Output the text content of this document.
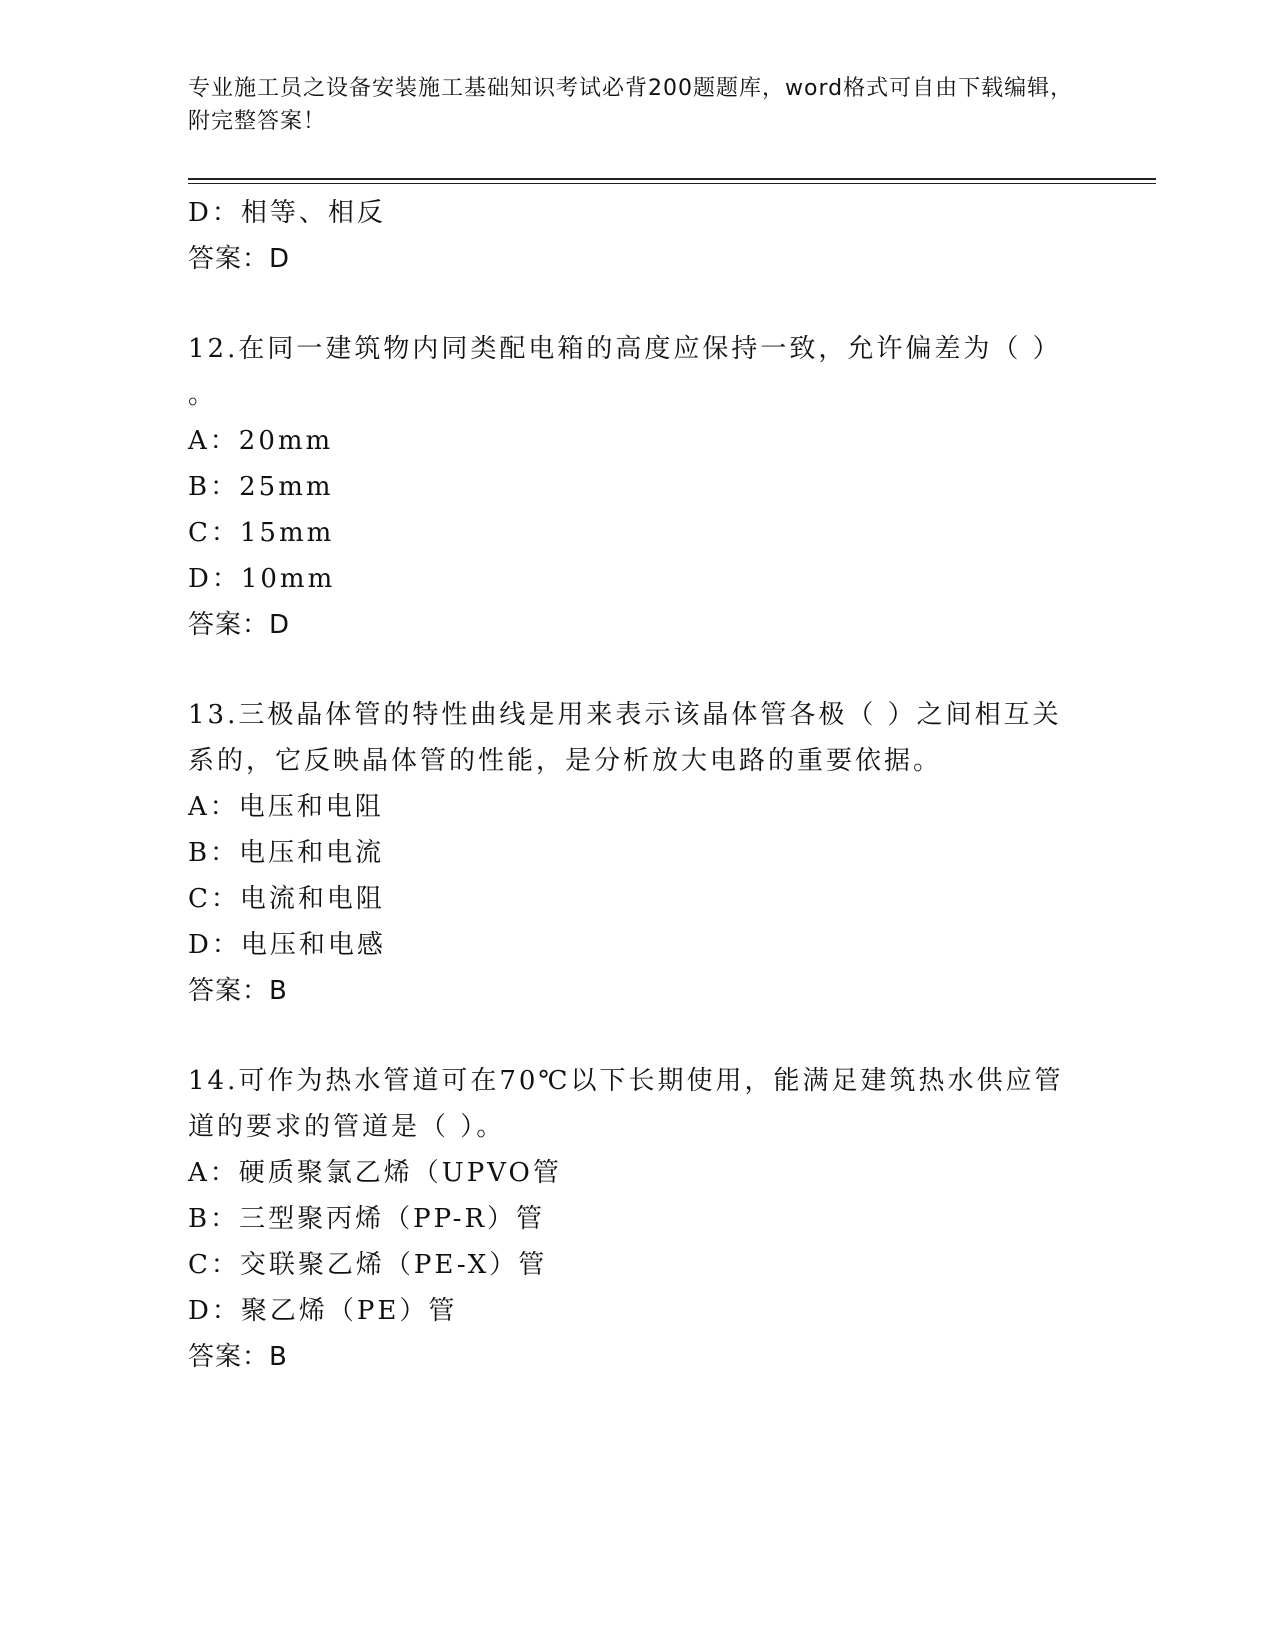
专业施工员之设备安装施工基础知识考试必背200题题库，word格式可自由下载编辑，附完整答案！
D：相等、相反
答案：D
12.在同一建筑物内同类配电箱的高度应保持一致，允许偏差为（ ）
。
A：20mm
B：25mm
C：15mm
D：10mm
答案：D
13.三极晶体管的特性曲线是用来表示该晶体管各极（ ）之间相互关系的，它反映晶体管的性能，是分析放大电路的重要依据。
A：电压和电阻
B：电压和电流
C：电流和电阻
D：电压和电感
答案：B
14.可作为热水管道可在70℃以下长期使用，能满足建筑热水供应管道的要求的管道是（ ）。
A：硬质聚氯乙烯（UPVO管
B：三型聚丙烯（PP-R）管
C：交联聚乙烯（PE-X）管
D：聚乙烯（PE）管
答案：B
